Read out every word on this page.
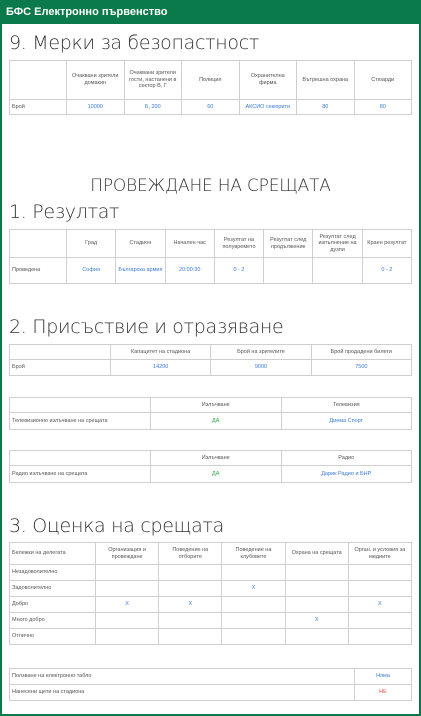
БФС Електронно първенство
9. Мерки за безопастност
	Очаквани зрители домакин	Очаквани зрители гости, настанени в сектор В, Г	Полиция	Охранителна фирма	Вътрешна охрана	Стюарди
Брой	10000	Б, 200	60	АКСИО секюрити	80	80
ПРОВЕЖДАНЕ НА СРЕЩАТА
1. Резултат
	Град	Стадион	Начален час	Резултат на полувремето	Резултат след продължение	Резултат след изпълнение на дузпи	Краен резултат
Проведена	София	Българска армия	20:00:30	0 - 2			0 - 2
2. Присъствие и отразяване
	Капацитет на стадиона	Брой на зрителите	Брой продадени билети
Брой	14200	9000	7500
	Излъчване	Телевизия
Телевизионно излъчване на срещата	ДА	Диема Спорт
	Излъчване	Радио
Радио излъчване на срещата	ДА	Дарик Радио и БНР
3. Оценка на срещата
Бележки на делегата	Организация и провеждане	Поведение на отборите	Поведение на клубовете	Охрана на срещата	Орган. и условия за медиите
Незадоволително					
Задоволително			X		
Добро	X	X			X
Много добро				X	
Отлично					
Ползване на електронно табло	Няма
Нанесени щети на стадиона	НЕ
